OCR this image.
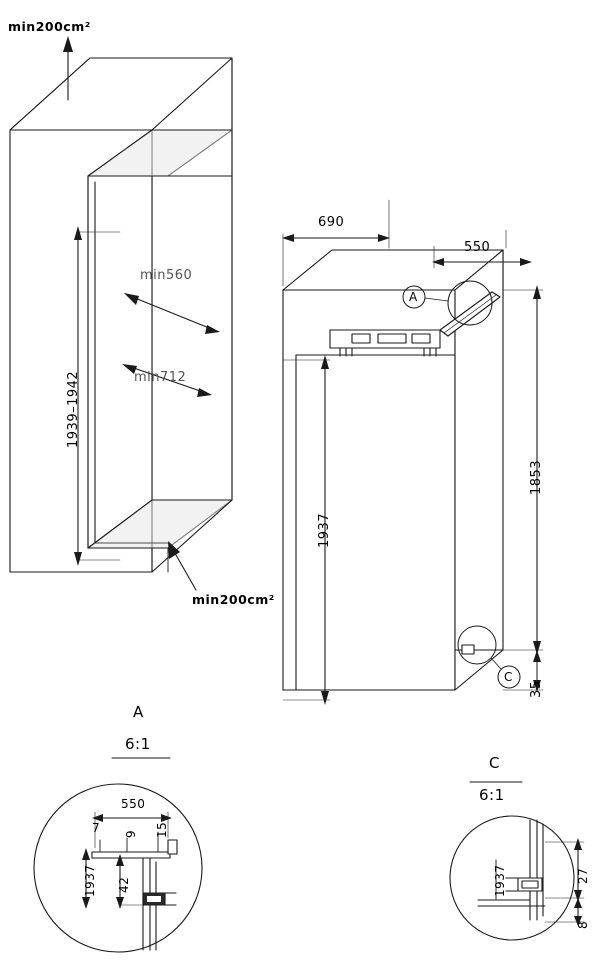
min200cm²
min200cm²
min560
min712
1939–1942
690
550
1853
1937
35
A
C
A
6:1
550
7 9 15
42
1937
C
6:1
1937	27
8
